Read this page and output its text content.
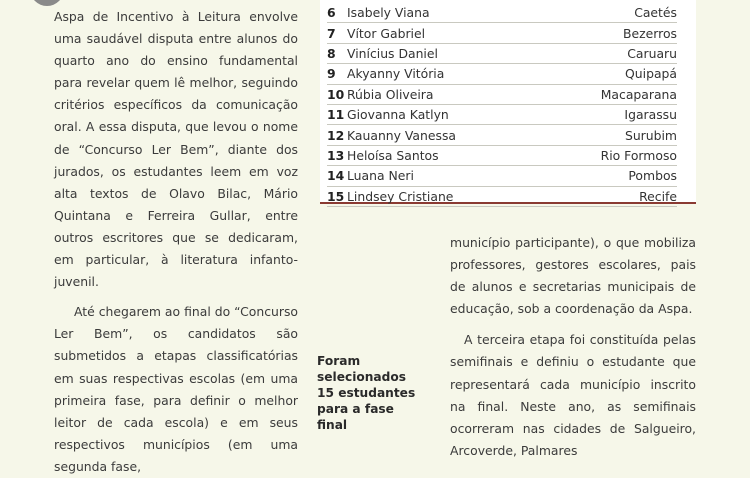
Aspa de Incentivo à Leitura envolve uma saudável disputa entre alunos do quarto ano do ensino fundamental para revelar quem lê melhor, seguindo critérios específicos da comunicação oral. A essa disputa, que levou o nome de “Concurso Ler Bem”, diante dos jurados, os estudantes leem em voz alta textos de Olavo Bilac, Mário Quintana e Ferreira Gullar, entre outros escritores que se dedicaram, em particular, à literatura infanto-juvenil.

Até chegarem ao final do “Concurso Ler Bem”, os candidatos são submetidos a etapas classificatórias em suas respectivas escolas (em uma primeira fase, para definir o melhor leitor de cada escola) e em seus respectivos municípios (em uma segunda fase,

6 Isabely Viana	Caetés
7 Vítor Gabriel	Bezerros
8 Vinícius Daniel	Caruaru
9 Akyanny Vitória	Quipapá
10 Rúbia Oliveira	Macaparana
11 Giovanna Katlyn	Igarassu
12 Kauanny Vanessa	Surubim
13 Heloísa Santos	Rio Formoso
14 Luana Neri	Pombos
15 Lindsey Cristiane	Recife
Foram selecionados 15 estudantes para a fase final

município participante), o que mobiliza professores, gestores escolares, pais de alunos e secretarias municipais de educação, sob a coordenação da Aspa.

A terceira etapa foi constituída pelas semifinais e definiu o estudante que representará cada município inscrito na final. Neste ano, as semifinais ocorreram nas cidades de Salgueiro, Arcoverde, Palmares
